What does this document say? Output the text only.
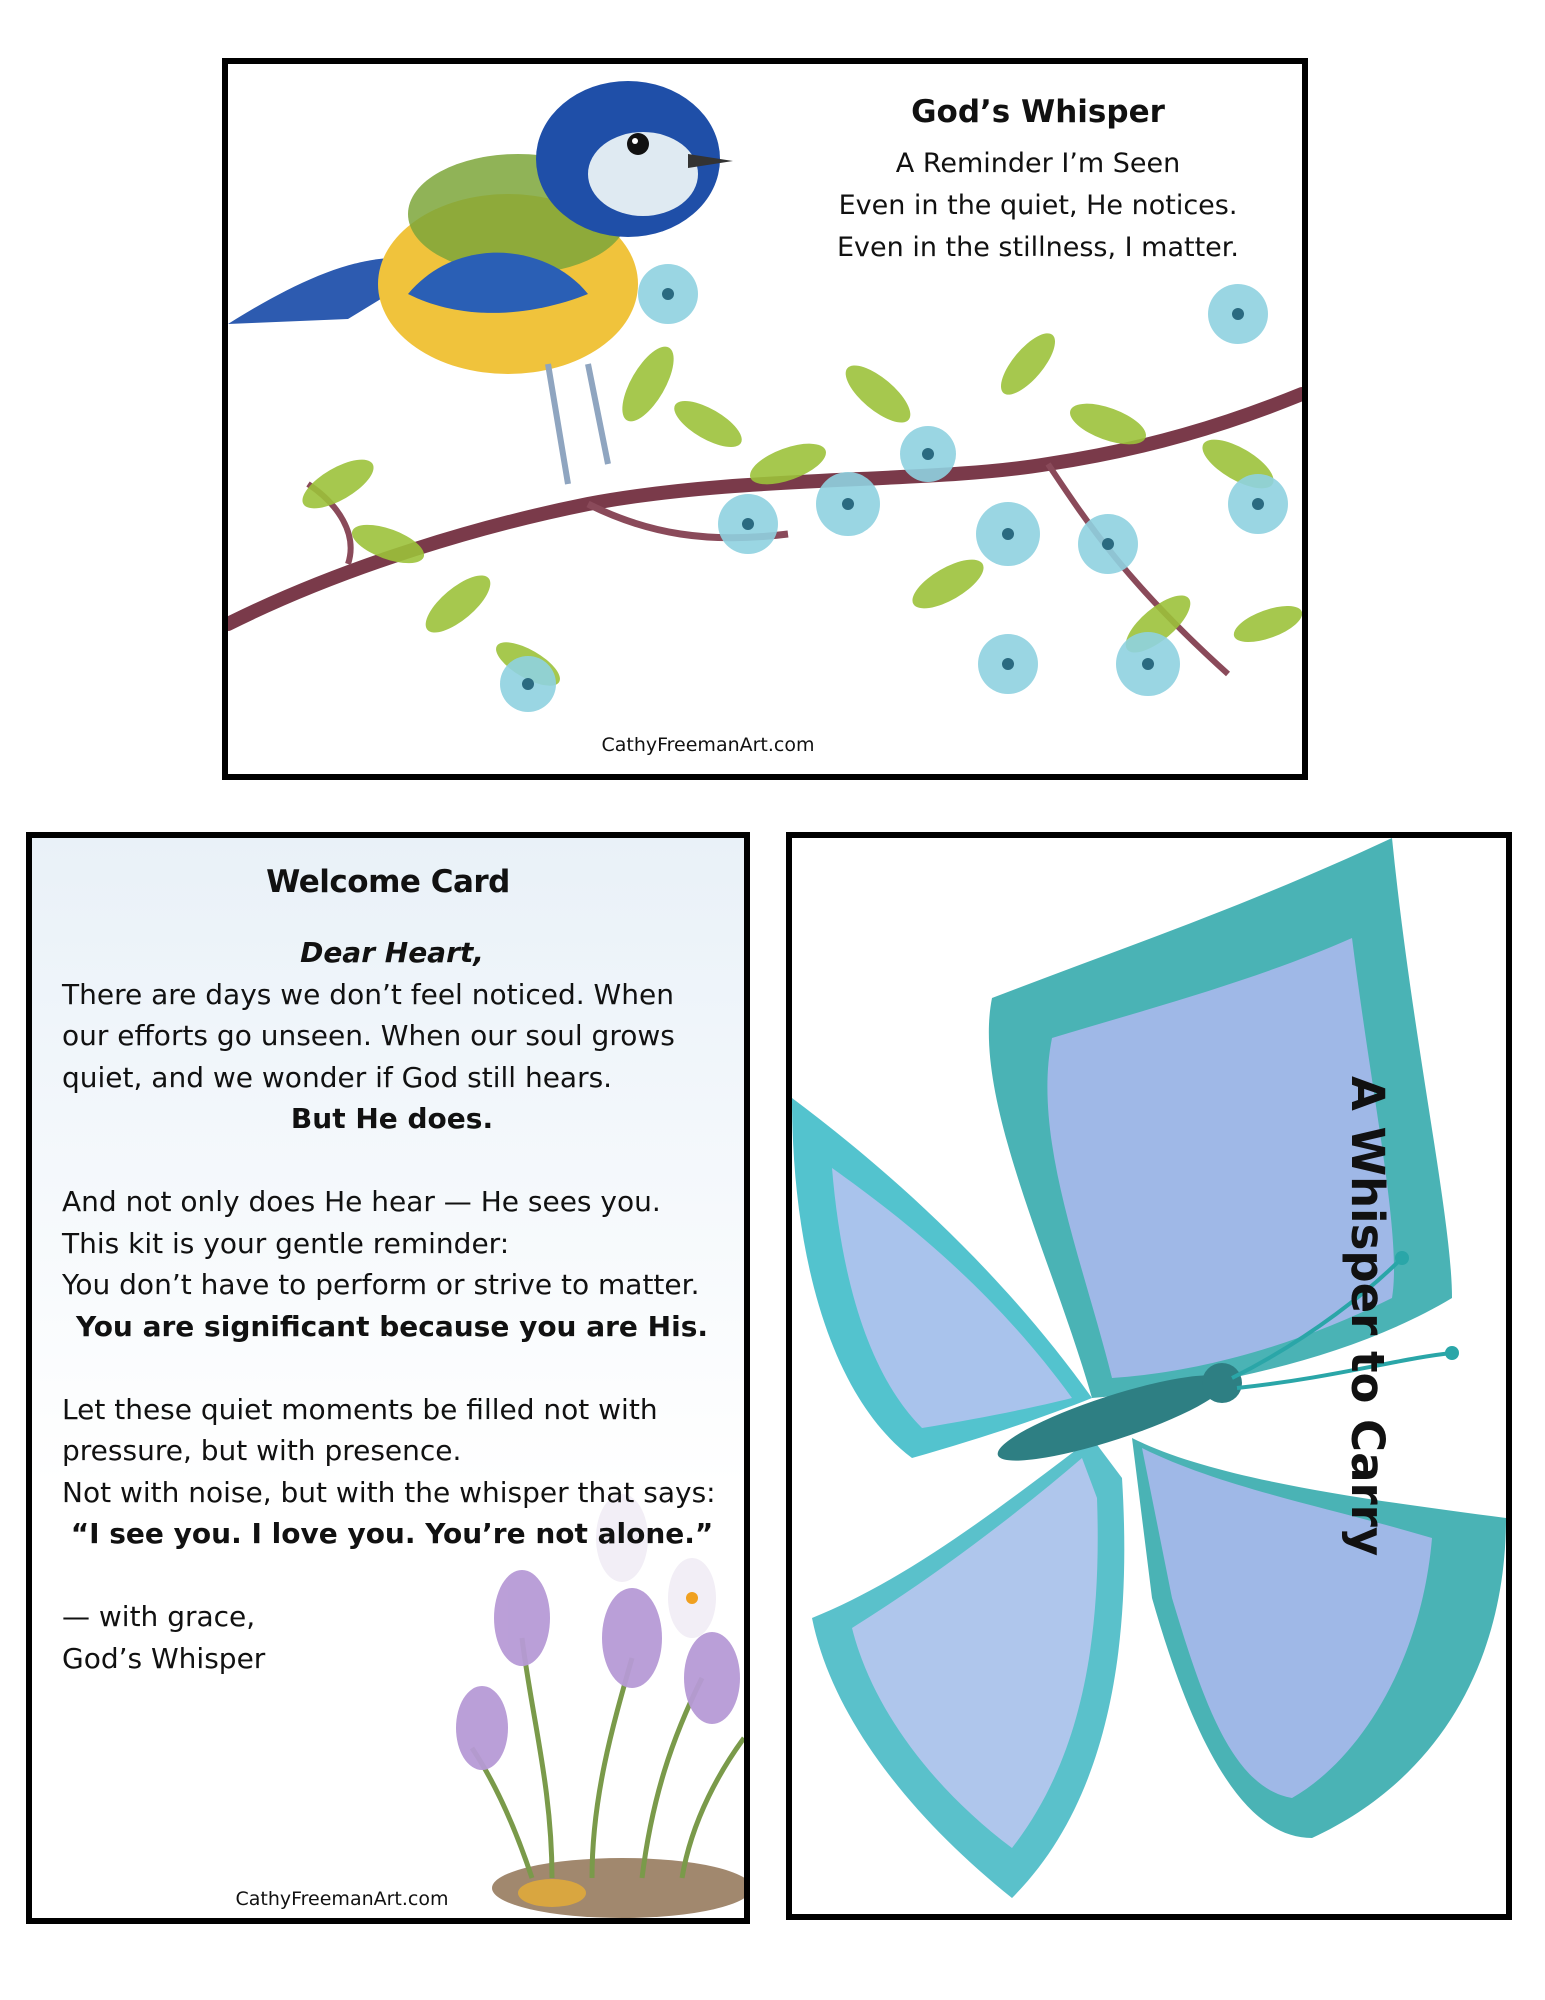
God’s Whisper
A Reminder I’m Seen
Even in the quiet, He notices.
Even in the stillness, I matter.
CathyFreemanArt.com
Welcome Card
Dear Heart,
There are days we don’t feel noticed. When our efforts go unseen. When our soul grows quiet, and we wonder if God still hears.
But He does.
And not only does He hear — He sees you.
This kit is your gentle reminder:
You don’t have to perform or strive to matter.
You are significant because you are His.
Let these quiet moments be filled not with pressure, but with presence.
Not with noise, but with the whisper that says:
“I see you. I love you. You’re not alone.”
— with grace,
God’s Whisper
CathyFreemanArt.com
A Whisper to Carry
